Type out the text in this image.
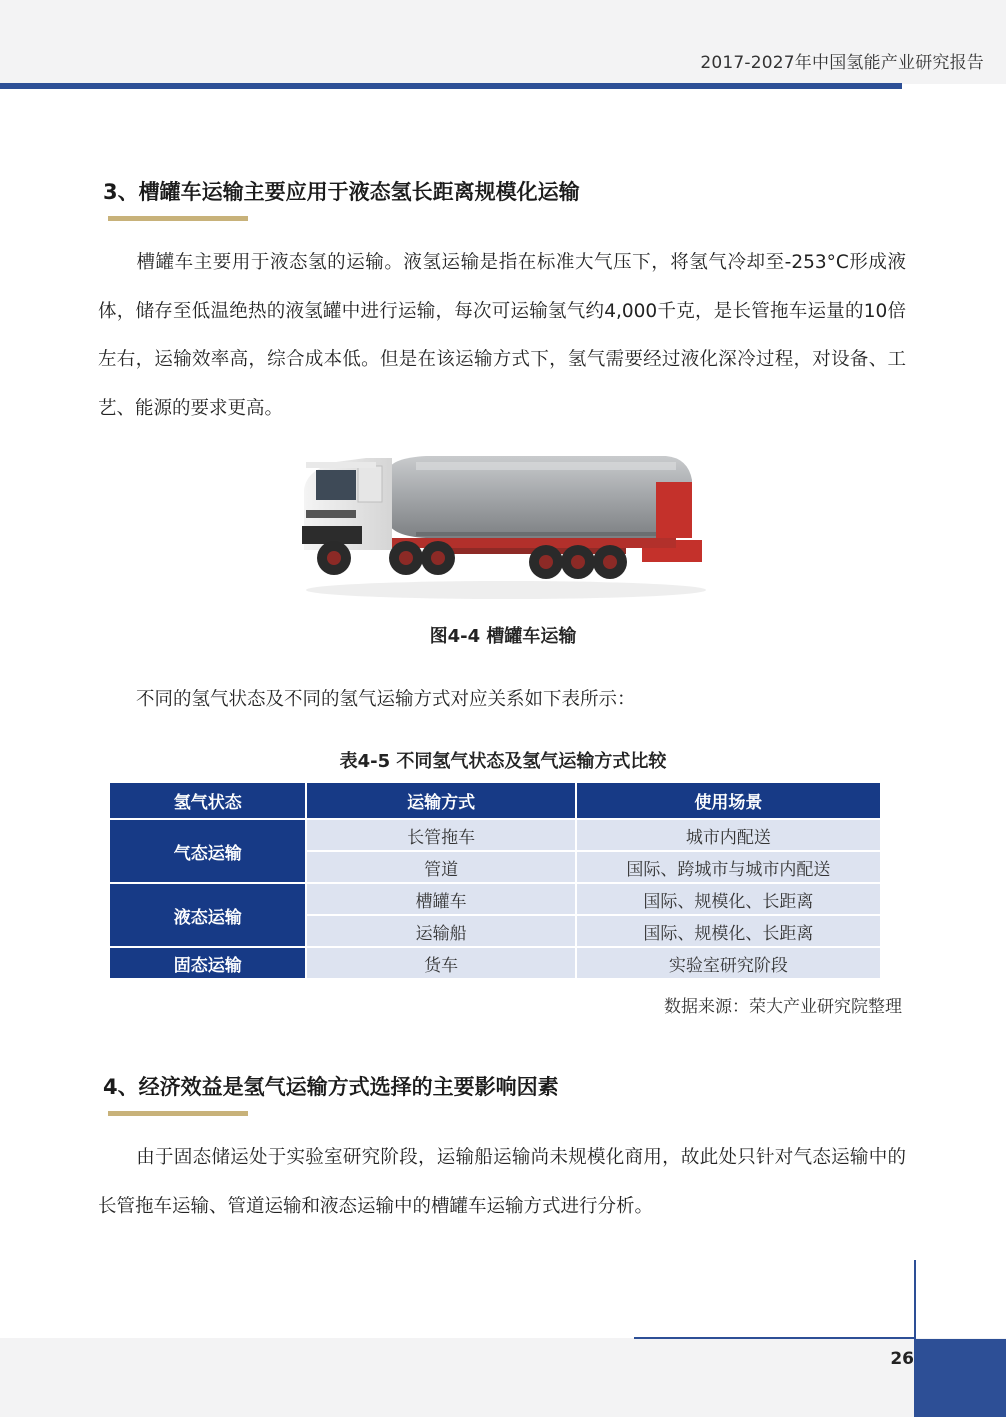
2017-2027年中国氢能产业研究报告
3、槽罐车运输主要应用于液态氢长距离规模化运输
槽罐车主要用于液态氢的运输。液氢运输是指在标准大气压下，将氢气冷却至-253°C形成液体，储存至低温绝热的液氢罐中进行运输，每次可运输氢气约4,000千克，是长管拖车运量的10倍左右，运输效率高，综合成本低。但是在该运输方式下，氢气需要经过液化深冷过程，对设备、工艺、能源的要求更高。
图4-4 槽罐车运输
不同的氢气状态及不同的氢气运输方式对应关系如下表所示：
表4-5 不同氢气状态及氢气运输方式比较
氢气状态	运输方式	使用场景
气态运输	长管拖车	城市内配送
	管道	国际、跨城市与城市内配送
液态运输	槽罐车	国际、规模化、长距离
	运输船	国际、规模化、长距离
固态运输	货车	实验室研究阶段
数据来源：荣大产业研究院整理
4、经济效益是氢气运输方式选择的主要影响因素
由于固态储运处于实验室研究阶段，运输船运输尚未规模化商用，故此处只针对气态运输中的长管拖车运输、管道运输和液态运输中的槽罐车运输方式进行分析。
26
